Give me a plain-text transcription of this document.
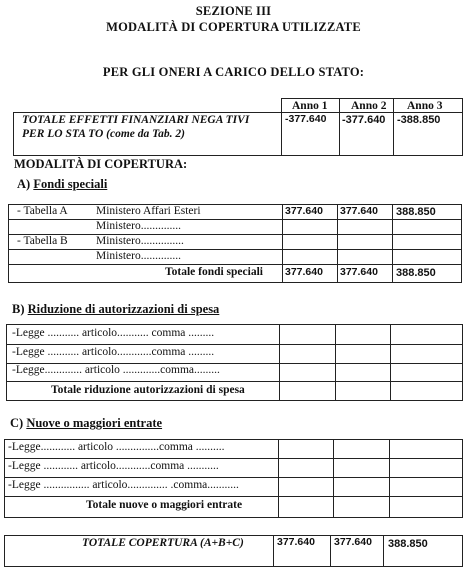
SEZIONE III
MODALITÀ DI COPERTURA UTILIZZATE
PER GLI ONERI A CARICO DELLO STATO:
Anno 1 Anno 2 Anno 3
TOTALE EFFETTI FINANZIARI NEGA TIVI
PER LO STA TO (come da Tab. 2)
-377.640 -377.640 -388.850
MODALITÀ DI COPERTURA:
A) Fondi speciali
- Tabella A Ministero Affari Esteri	377.640 377.640 388.850
Ministero..............
- Tabella B Ministero...............
Ministero..............
Totale fondi speciali 377.640 377.640 388.850
B) Riduzione di autorizzazioni di spesa
-Legge ........... articolo........... comma .........
-Legge ........... articolo............comma .........
-Legge............. articolo .............comma.........
Totale riduzione autorizzazioni di spesa
C) Nuove o maggiori entrate
-Legge............ articolo ...............comma ..........
-Legge ............ articolo............comma ...........
-Legge ................ articolo.............. .comma...........
Totale nuove o maggiori entrate
TOTALE COPERTURA (A+B+C)	377.640 377.640 388.850
